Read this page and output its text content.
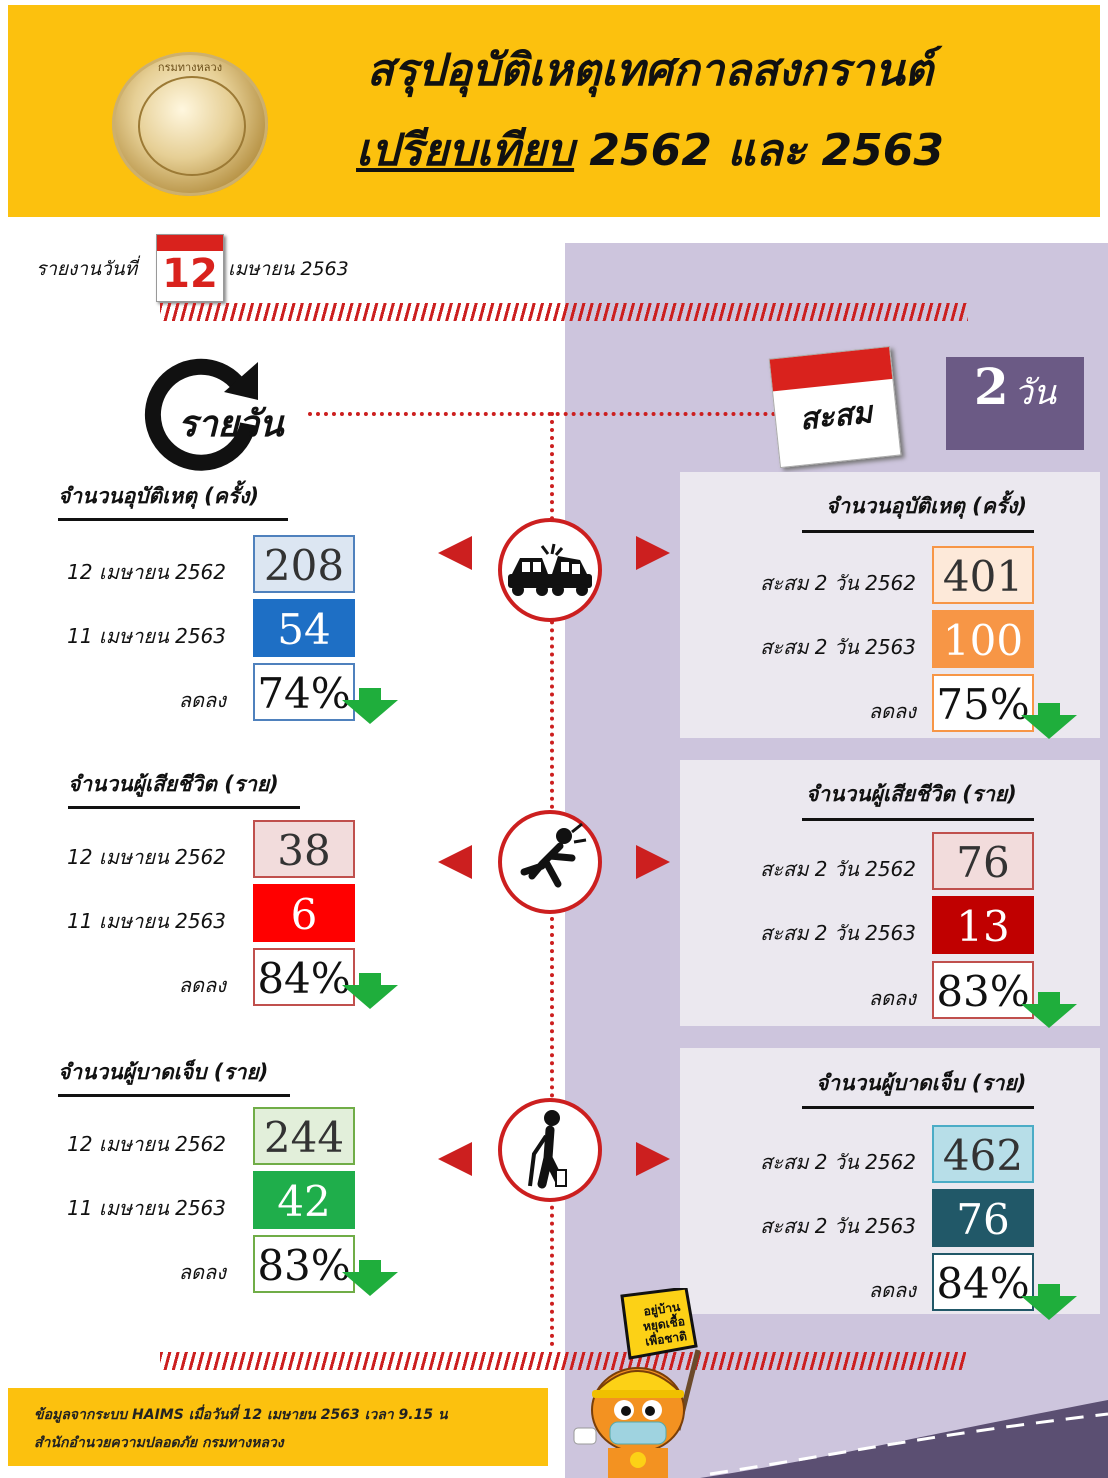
กรมทางหลวง	สรุปอุบัติเหตุเทศกาลสงกรานต์
เปรียบเทียบ 2562 และ 2563
รายงานวันที่ 12 เมษายน 2563
รายวัน	สะสม
2 วัน
จำนวนอุบัติเหตุ (ครั้ง)
12 เมษายน 2562 208
11 เมษายน 2563	54
ลดลง 74%
จำนวนผู้เสียชีวิต (ราย)
12 เมษายน 2562	38
11 เมษายน 2563	6
ลดลง 84%
จำนวนผู้บาดเจ็บ (ราย)
12 เมษายน 2562 244
11 เมษายน 2563	42
ลดลง 83%
จำนวนอุบัติเหตุ (ครั้ง)
สะสม 2 วัน 2562 401
สะสม 2 วัน 2563 100
ลดลง 75%
จำนวนผู้เสียชีวิต (ราย)
สะสม 2 วัน 2562 76
สะสม 2 วัน 2563 13
ลดลง 83%
จำนวนผู้บาดเจ็บ (ราย)
สะสม 2 วัน 2562 462
สะสม 2 วัน 2563 76
ลดลง 84%
ข้อมูลจากระบบ HAIMS เมื่อวันที่ 12 เมษายน 2563 เวลา 9.15 น
สำนักอำนวยความปลอดภัย กรมทางหลวง
อยู่บ้าน
หยุดเชื้อ
เพื่อชาติ
